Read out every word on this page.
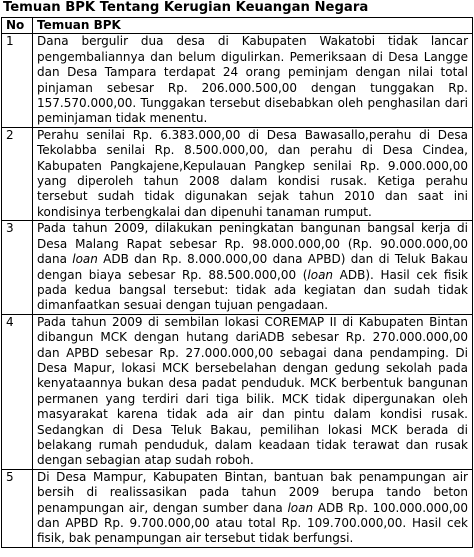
Temuan BPK Tentang Kerugian Keuangan Negara
No	Temuan BPK
1	Dana bergulir dua desa di Kabupaten Wakatobi tidak lancar pengembaliannya dan belum digulirkan. Pemeriksaan di Desa Langge dan Desa Tampara terdapat 24 orang peminjam dengan nilai total pinjaman sebesar Rp. 206.000.500,00 dengan tunggakan Rp. 157.570.000,00. Tunggakan tersebut disebabkan oleh penghasilan dari peminjaman tidak menentu.
2	Perahu senilai Rp. 6.383.000,00 di Desa Bawasallo,perahu di Desa Tekolabba senilai Rp. 8.500.000,00, dan perahu di Desa Cindea, Kabupaten Pangkajene,Kepulauan Pangkep senilai Rp. 9.000.000,00 yang diperoleh tahun 2008 dalam kondisi rusak. Ketiga perahu tersebut sudah tidak digunakan sejak tahun 2010 dan saat ini kondisinya terbengkalai dan dipenuhi tanaman rumput.
3	Pada tahun 2009, dilakukan peningkatan bangunan bangsal kerja di Desa Malang Rapat sebesar Rp. 98.000.000,00 (Rp. 90.000.000,00 dana loan ADB dan Rp. 8.000.000,00 dana APBD) dan di Teluk Bakau dengan biaya sebesar Rp. 88.500.000,00 (loan ADB). Hasil cek fisik pada kedua bangsal tersebut: tidak ada kegiatan dan sudah tidak dimanfaatkan sesuai dengan tujuan pengadaan.
4	Pada tahun 2009 di sembilan lokasi COREMAP II di Kabupaten Bintan dibangun MCK dengan hutang dariADB sebesar Rp. 270.000.000,00 dan APBD sebesar Rp. 27.000.000,00 sebagai dana pendamping. Di Desa Mapur, lokasi MCK bersebelahan dengan gedung sekolah pada kenyataannya bukan desa padat penduduk. MCK berbentuk bangunan permanen yang terdiri dari tiga bilik. MCK tidak dipergunakan oleh masyarakat karena tidak ada air dan pintu dalam kondisi rusak. Sedangkan di Desa Teluk Bakau, pemilihan lokasi MCK berada di belakang rumah penduduk, dalam keadaan tidak terawat dan rusak dengan sebagian atap sudah roboh.
5	Di Desa Mampur, Kabupaten Bintan, bantuan bak penampungan air bersih di realissasikan pada tahun 2009 berupa tando beton penampungan air, dengan sumber dana loan ADB Rp. 100.000.000,00 dan APBD Rp. 9.700.000,00 atau total Rp. 109.700.000,00. Hasil cek fisik, bak penampungan air tersebut tidak berfungsi.
